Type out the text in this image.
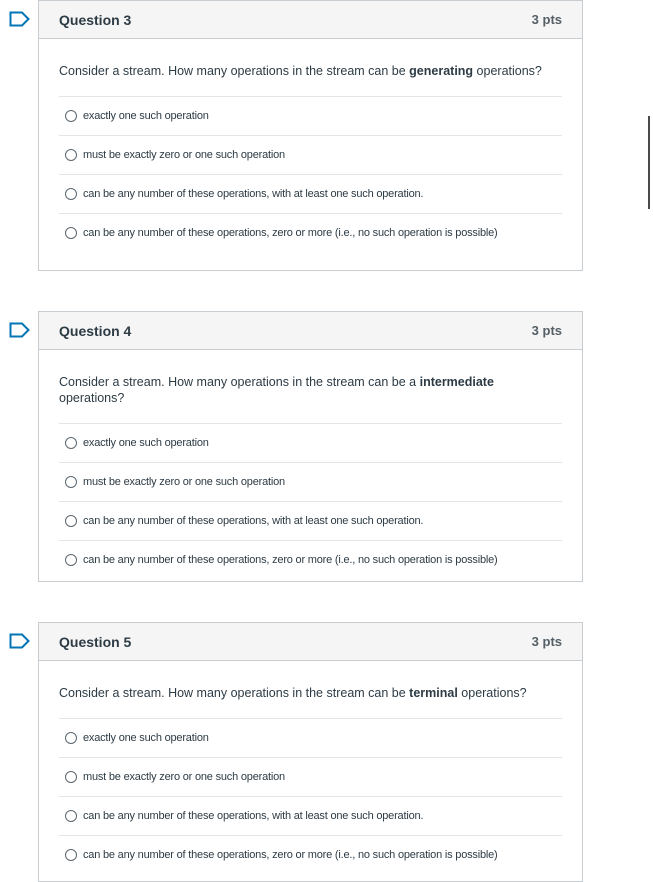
Question 3	3 pts

Consider a stream. How many operations in the stream can be generating operations?

exactly one such operation
must be exactly zero or one such operation
can be any number of these operations, with at least one such operation.
can be any number of these operations, zero or more (i.e., no such operation is possible)
Question 4	3 pts

Consider a stream. How many operations in the stream can be a intermediate operations?

exactly one such operation
must be exactly zero or one such operation
can be any number of these operations, with at least one such operation.
can be any number of these operations, zero or more (i.e., no such operation is possible)
Question 5	3 pts

Consider a stream. How many operations in the stream can be terminal operations?

exactly one such operation
must be exactly zero or one such operation
can be any number of these operations, with at least one such operation.
can be any number of these operations, zero or more (i.e., no such operation is possible)
